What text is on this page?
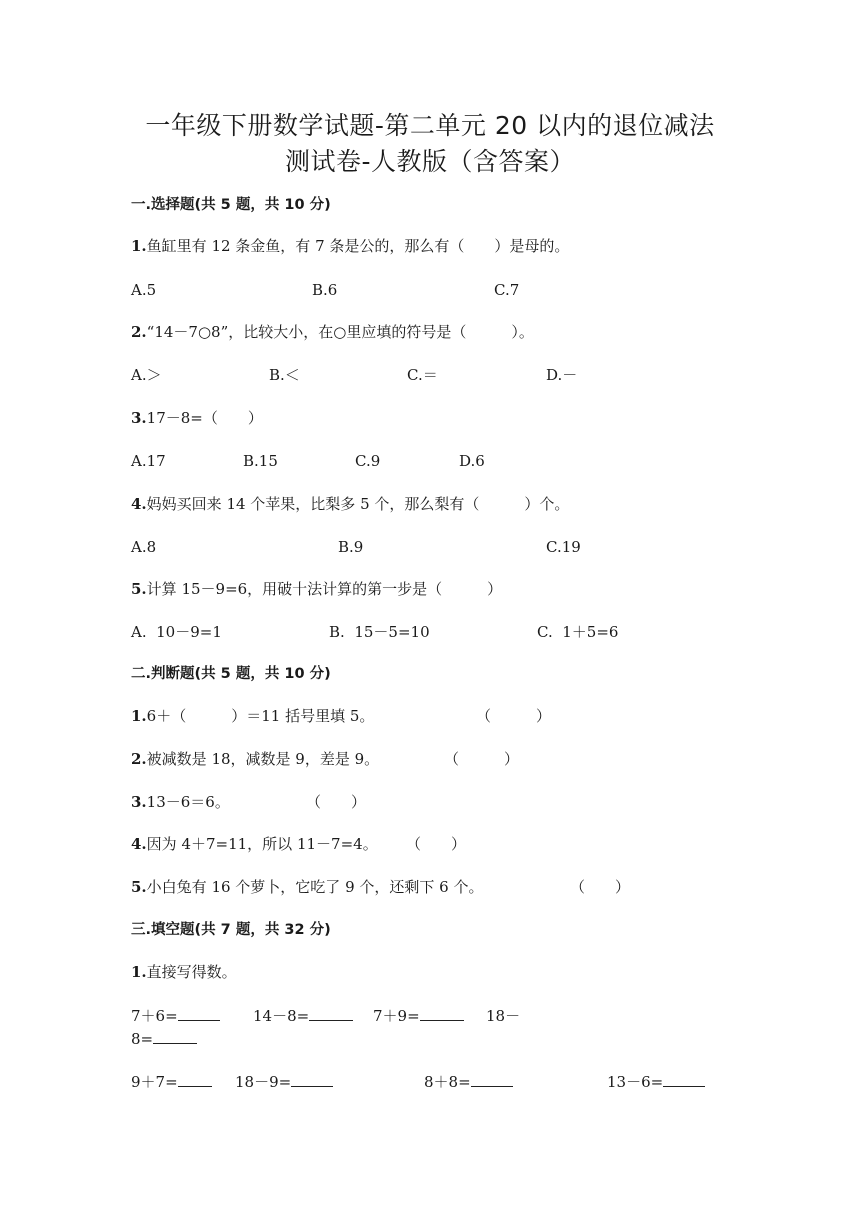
一年级下册数学试题-第二单元 20 以内的退位减法
测试卷-人教版（含答案）
一.选择题(共 5 题，共 10 分)
1.鱼缸里有 12 条金鱼，有 7 条是公的，那么有（　　）是母的。
A.5	B.6	C.7
2.“14－7○8”，比较大小，在○里应填的符号是（　　　）。
A.＞	B.＜	C.＝	D.－
3.17－8=（　　）
A.17	B.15	C.9	D.6
4.妈妈买回来 14 个苹果，比梨多 5 个，那么梨有（　　　）个。
A.8	B.9	C.19
5.计算 15－9=6，用破十法计算的第一步是（　　　）
A.  10－9=1	B.  15－5=10	C.  1＋5=6
二.判断题(共 5 题，共 10 分)
1.6＋（　　　）＝11 括号里填 5。	（　　　）
2.被减数是 18，减数是 9，差是 9。	（　　　）
3.13－6＝6。	（　　）
4.因为 4＋7=11，所以 11－7=4。 （　　）
5.小白兔有 16 个萝卜，它吃了 9 个，还剩下 6 个。	（　　）
三.填空题(共 7 题，共 32 分)
1.直接写得数。
7＋6=	14－8=	7＋9=	18－
8=
9＋7=	18－9=	8＋8=	13－6=
